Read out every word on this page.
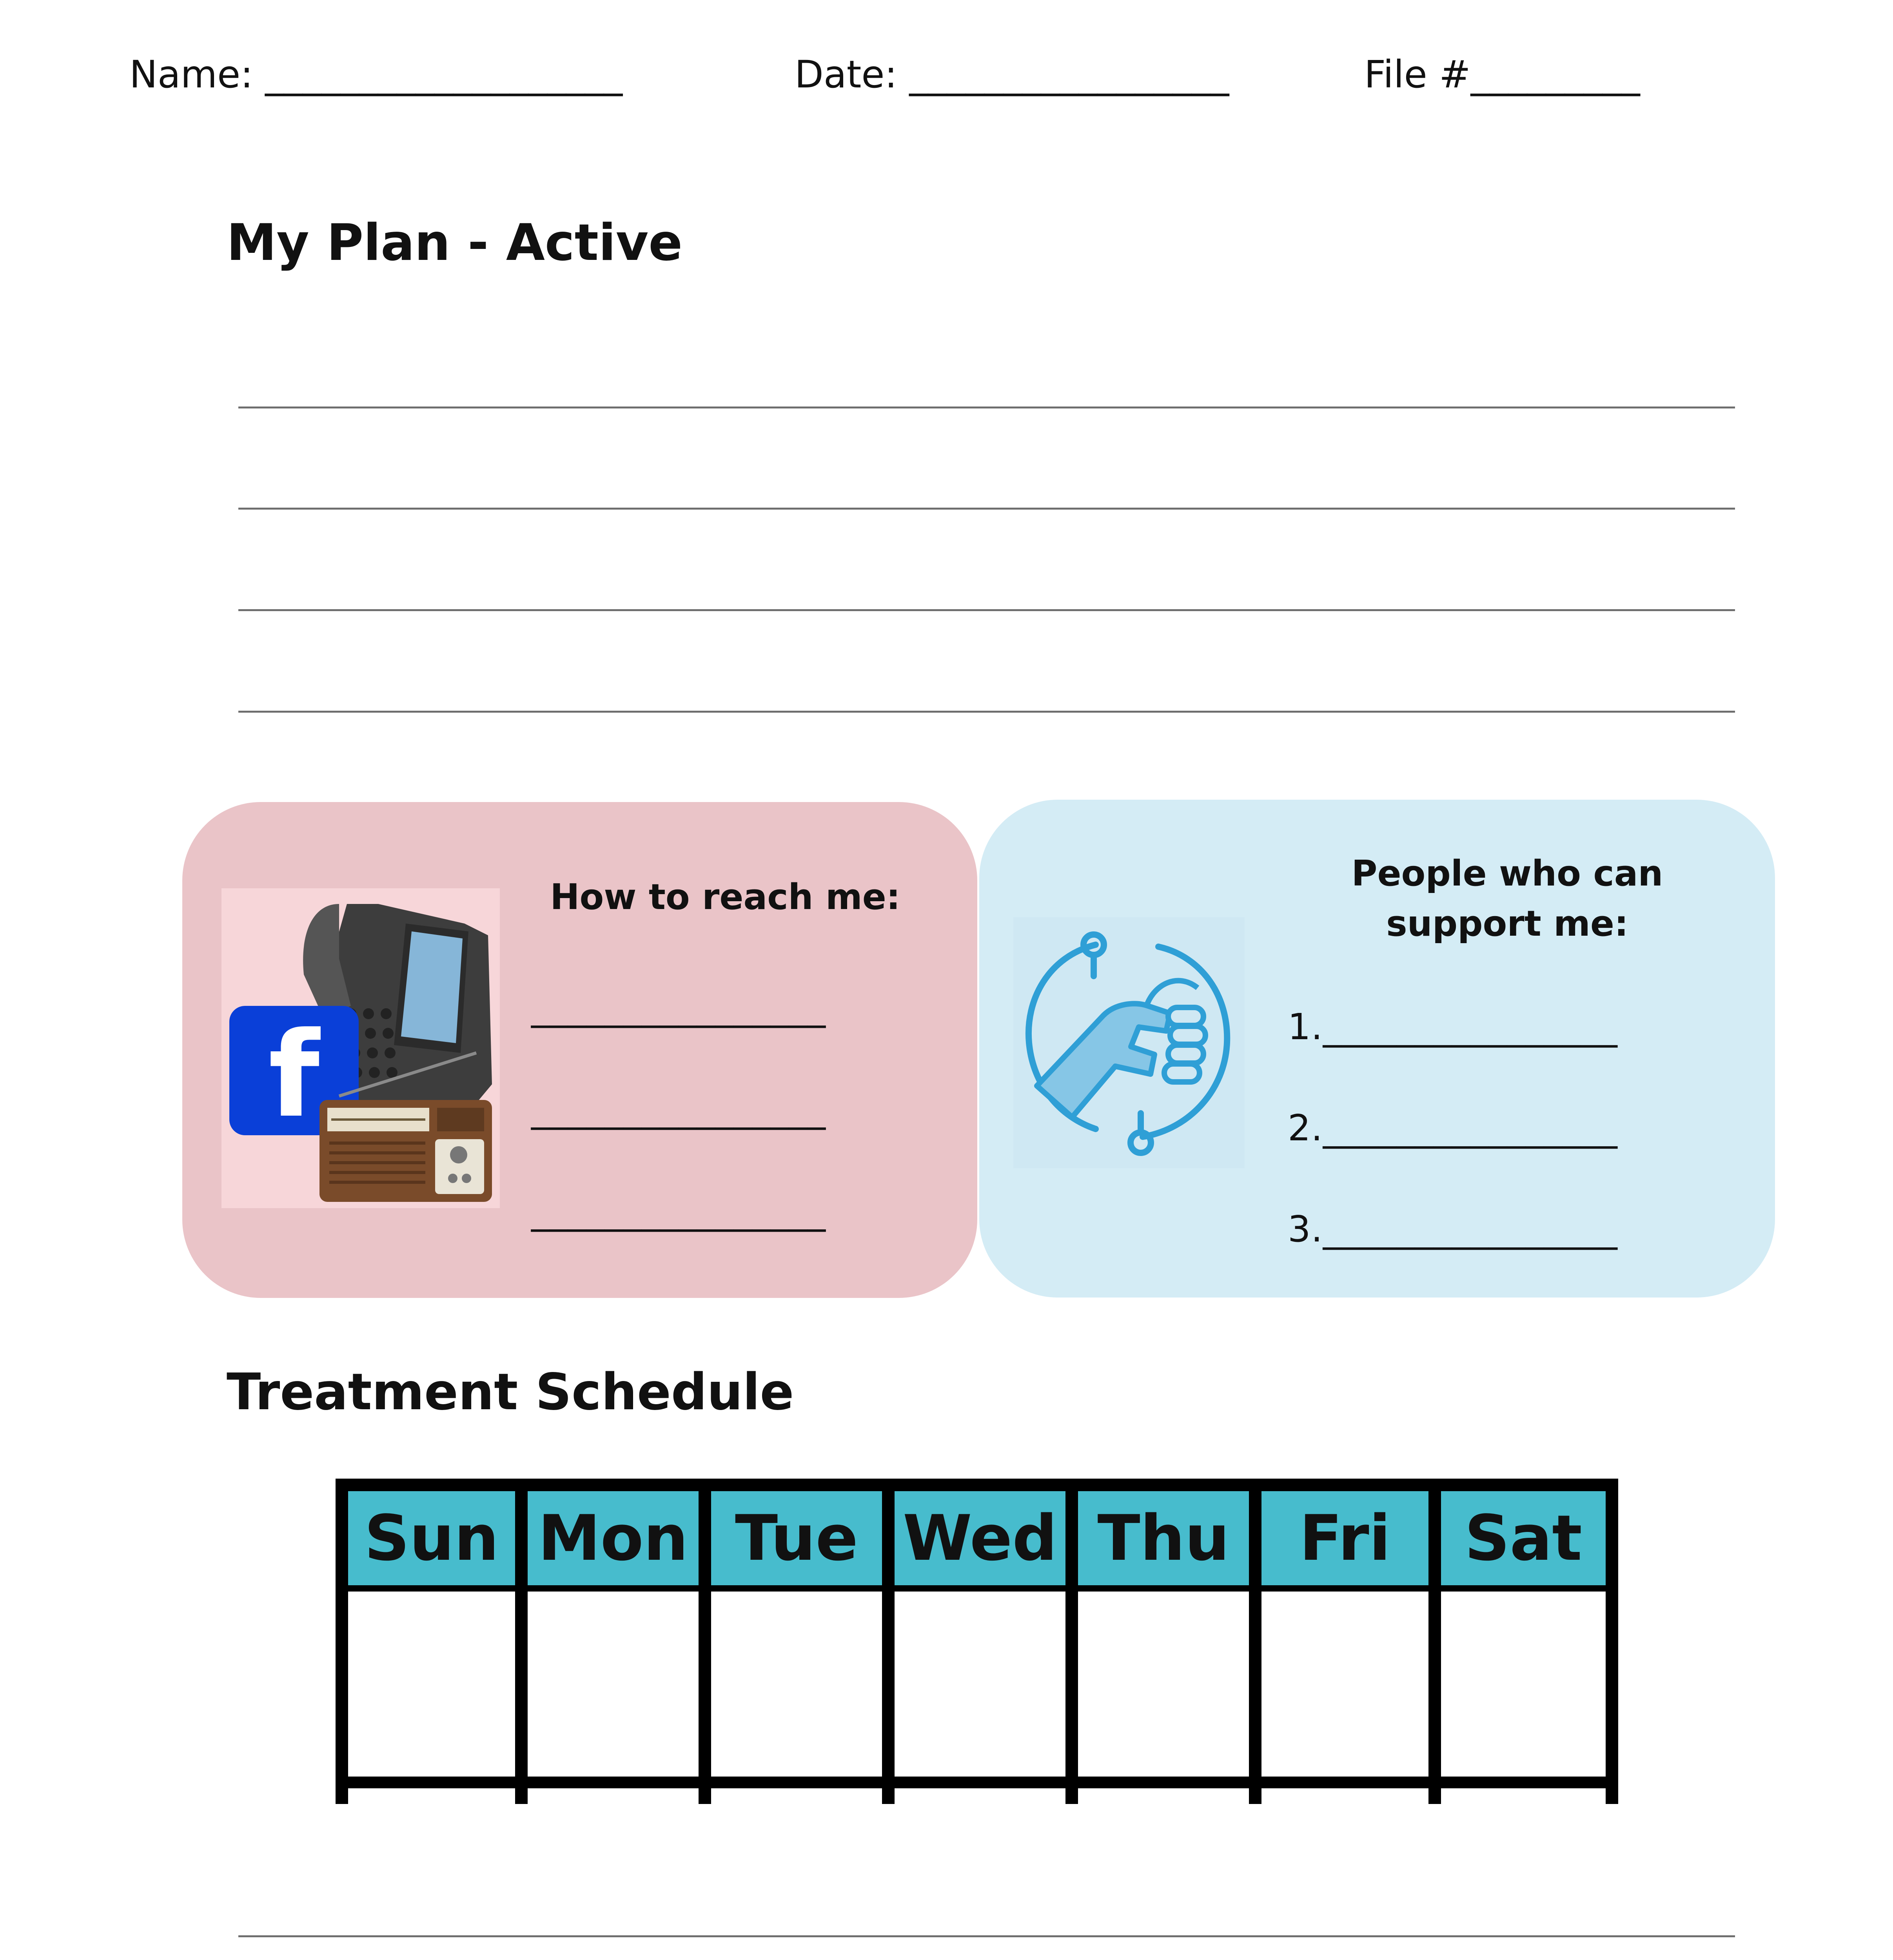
Name: ___________________	Date: _________________	File #_________
My Plan - Active
f
How to reach me:
________________
________________
________________
People who can
support me:
1.________________
2.________________
3.________________
Treatment Schedule
Sun Mon Tue Wed Thu	Fri	Sat
